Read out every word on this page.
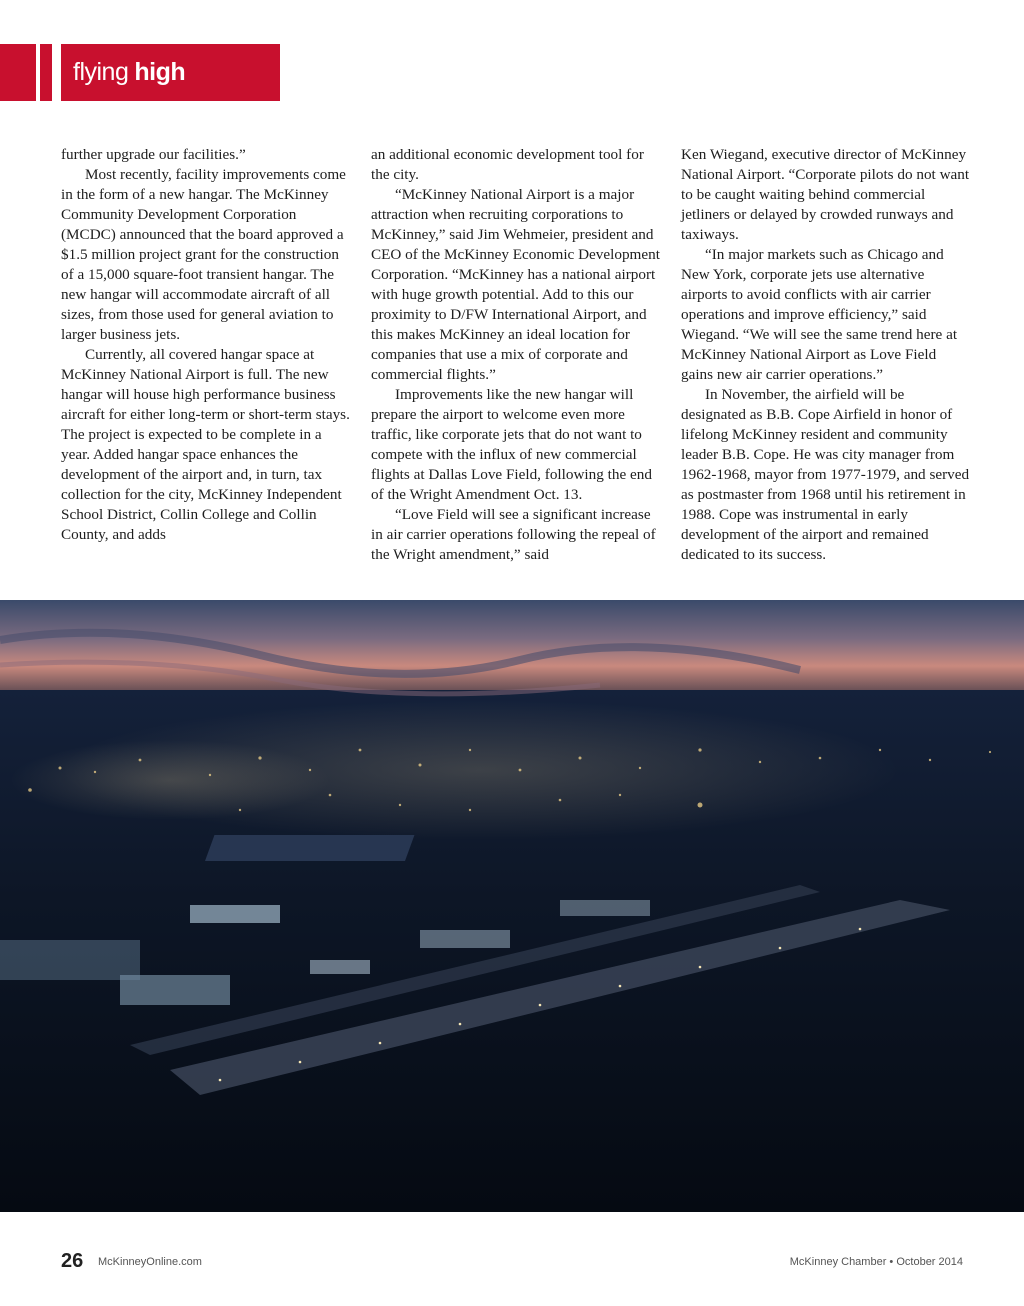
flying high

further upgrade our facilities.”

Most recently, facility improvements come in the form of a new hangar. The McKinney Community Development Corporation (MCDC) announced that the board approved a $1.5 million project grant for the construction of a 15,000 square-foot transient hangar. The new hangar will accommodate aircraft of all sizes, from those used for general aviation to larger business jets.

Currently, all covered hangar space at McKinney National Airport is full. The new hangar will house high performance business aircraft for either long-term or short-term stays. The project is expected to be complete in a year. Added hangar space enhances the development of the airport and, in turn, tax collection for the city, McKinney Independent School District, Collin College and Collin County, and adds

an additional economic development tool for the city.

“McKinney National Airport is a major attraction when recruiting corporations to McKinney,” said Jim Wehmeier, president and CEO of the McKinney Economic Development Corporation. “McKinney has a national airport with huge growth potential. Add to this our proximity to D/FW International Airport, and this makes McKinney an ideal location for companies that use a mix of corporate and commercial flights.”

Improvements like the new hangar will prepare the airport to welcome even more traffic, like corporate jets that do not want to compete with the influx of new commercial flights at Dallas Love Field, following the end of the Wright Amendment Oct. 13.

“Love Field will see a significant increase in air carrier operations following the repeal of the Wright amendment,” said

Ken Wiegand, executive director of McKinney National Airport. “Corporate pilots do not want to be caught waiting behind commercial jetliners or delayed by crowded runways and taxiways.

“In major markets such as Chicago and New York, corporate jets use alternative airports to avoid conflicts with air carrier operations and improve efficiency,” said Wiegand. “We will see the same trend here at McKinney National Airport as Love Field gains new air carrier operations.”

In November, the airfield will be designated as B.B. Cope Airfield in honor of lifelong McKinney resident and community leader B.B. Cope. He was city manager from 1962-1968, mayor from 1977-1979, and served as postmaster from 1968 until his retirement in 1988. Cope was instrumental in early development of the airport and remained dedicated to its success.

26 McKinneyOnline.com	McKinney Chamber • October 2014
